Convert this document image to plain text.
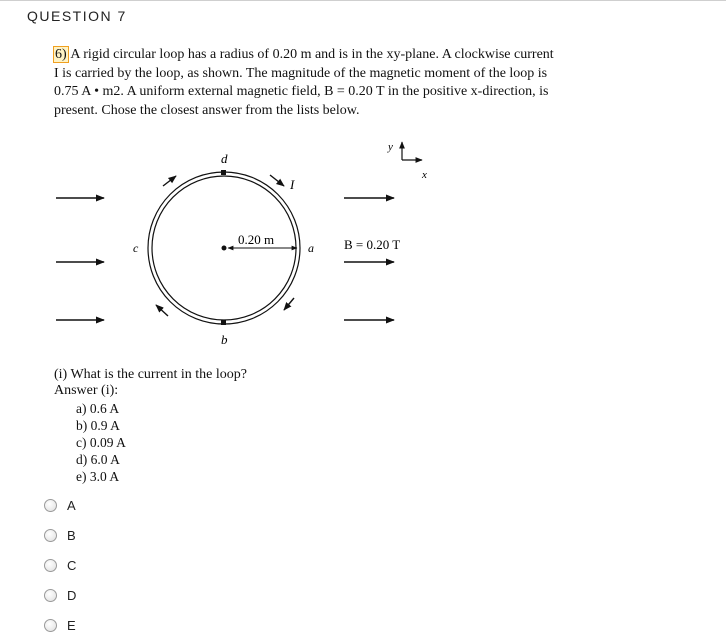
QUESTION 7
6) A rigid circular loop has a radius of 0.20 m and is in the xy-plane. A clockwise current
I is carried by the loop, as shown. The magnitude of the magnetic moment of the loop is
0.75 A • m2. A uniform external magnetic field, B = 0.20 T in the positive x-direction, is
present. Chose the closest answer from the lists below.
d
b
c	a
I
0.20 m	B = 0.20 T
y
x
(i) What is the current in the loop?
Answer (i):
a) 0.6 A
b) 0.9 A
c) 0.09 A
d) 6.0 A
e) 3.0 A
A
B
C
D
E
